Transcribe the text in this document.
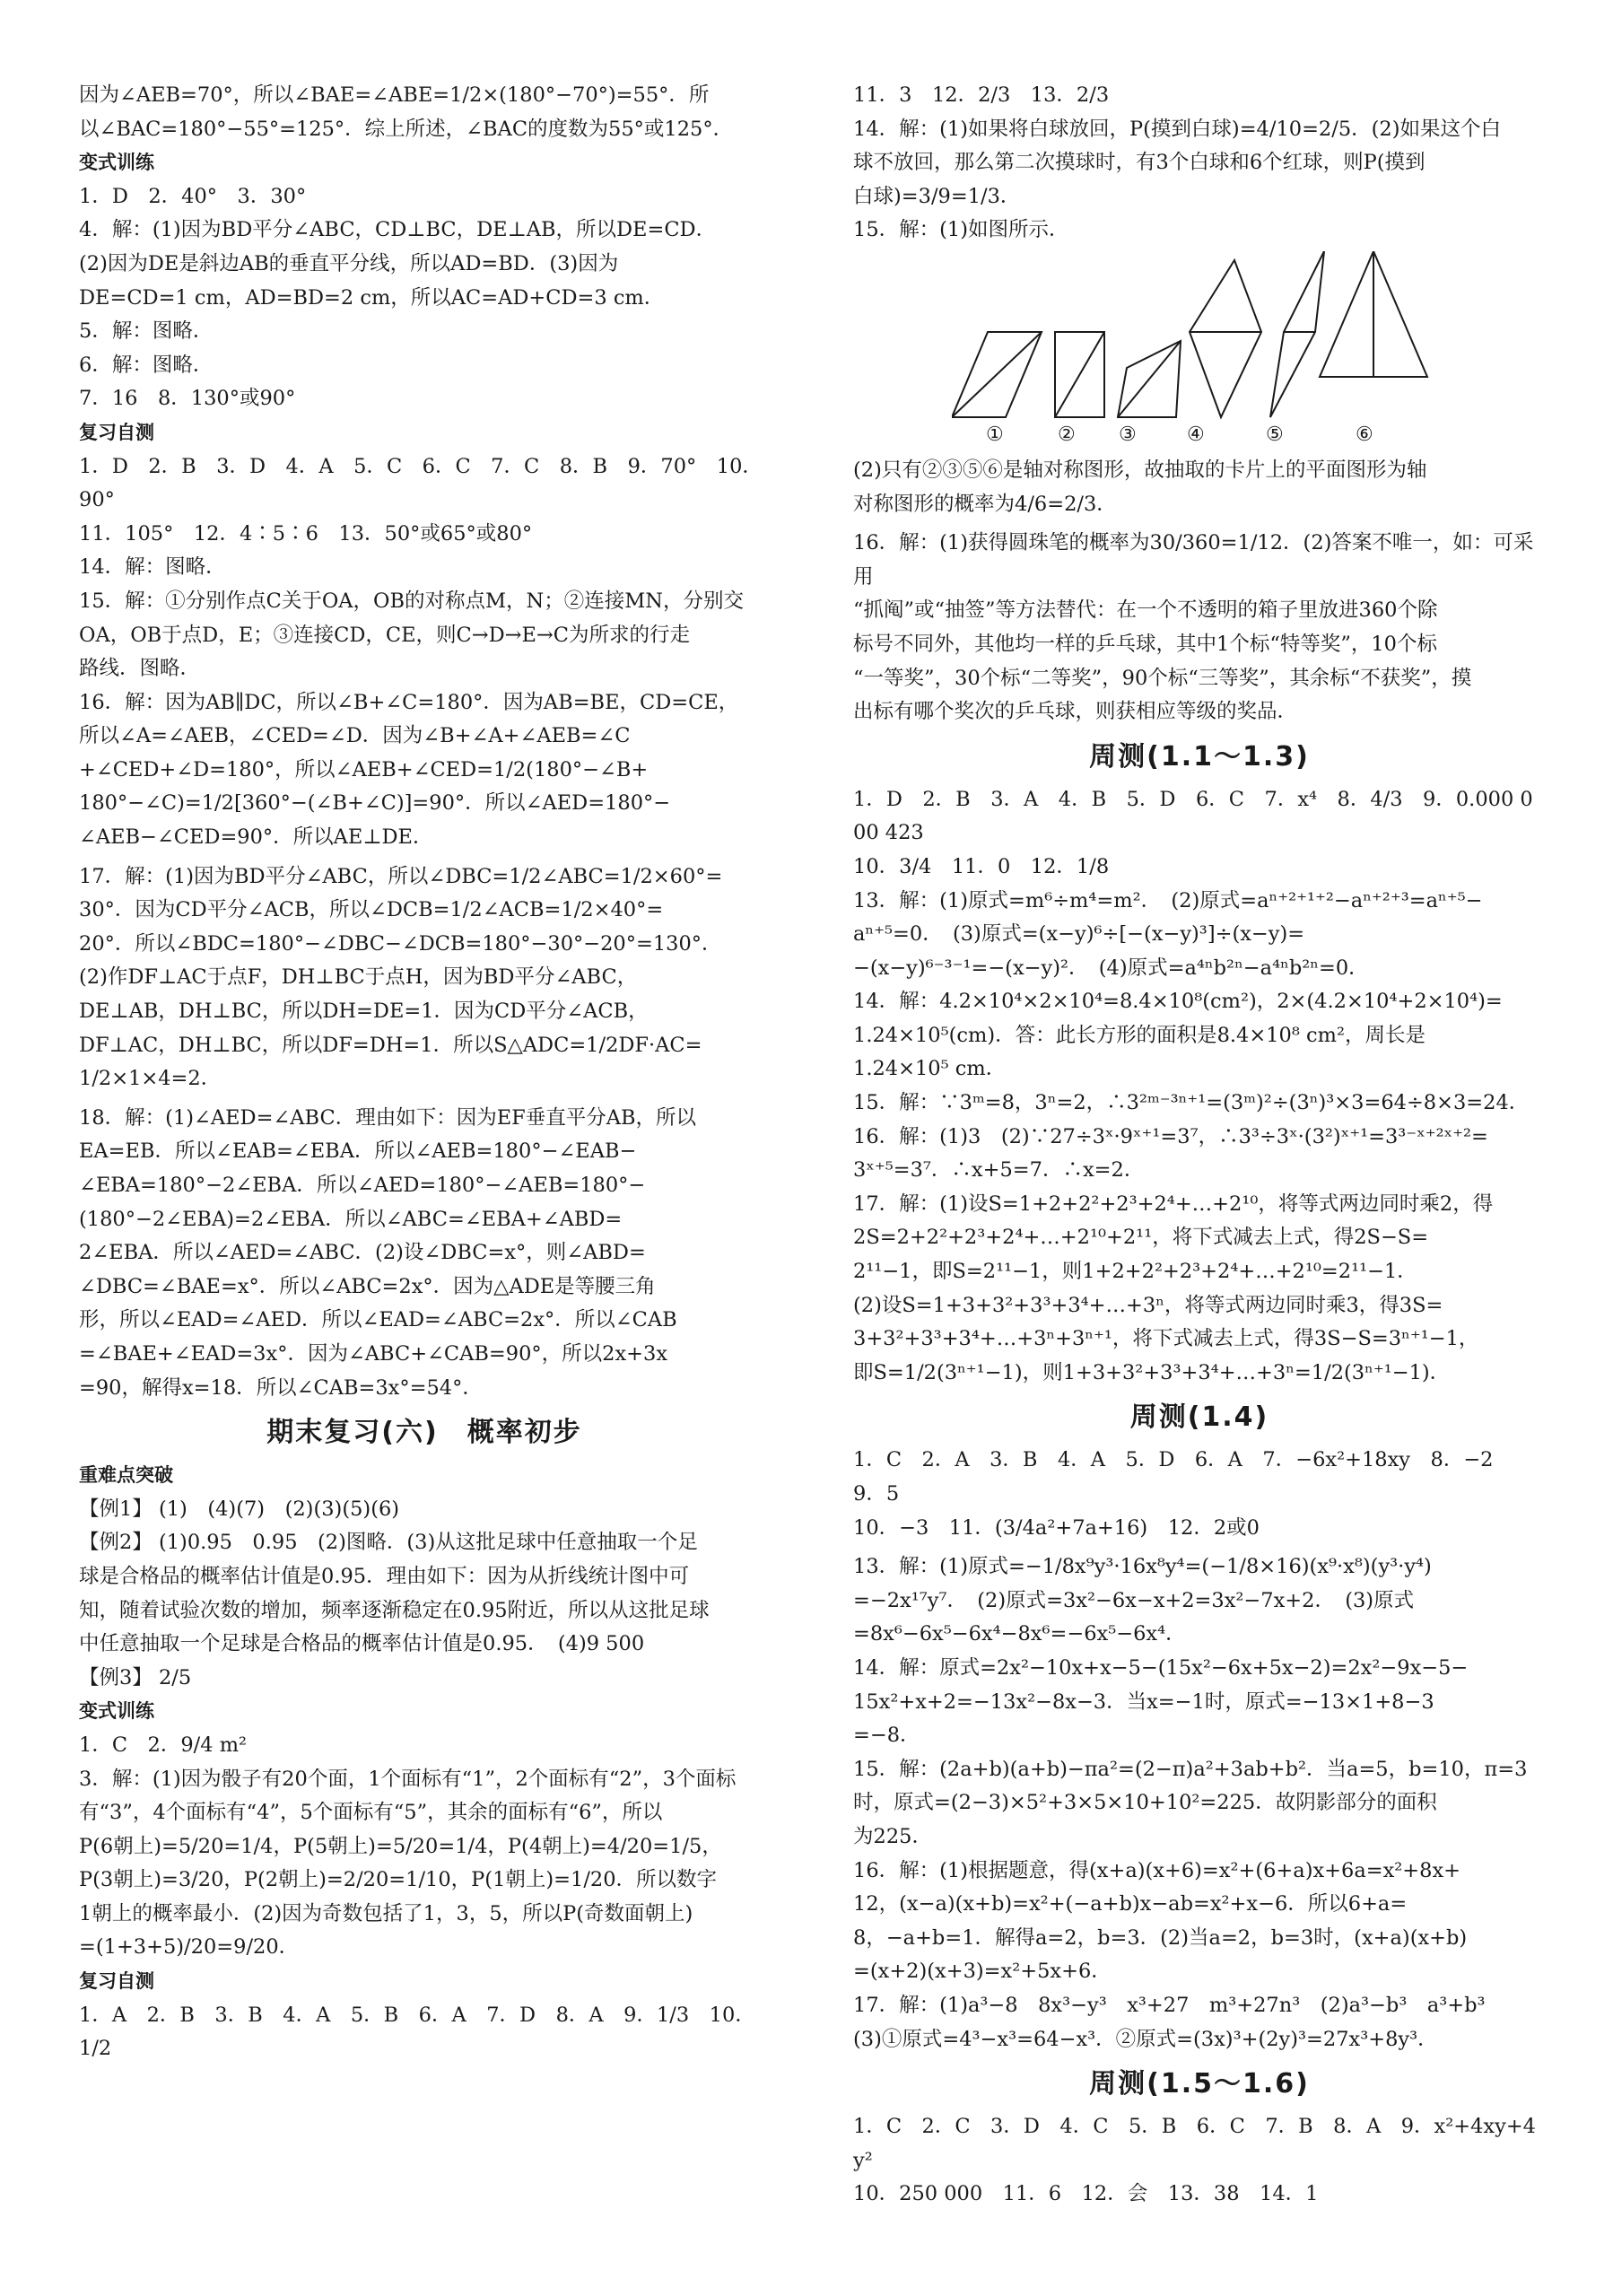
因为∠AEB=70°，所以∠BAE=∠ABE=1/2×(180°−70°)=55°．所
以∠BAC=180°−55°=125°．综上所述，∠BAC的度数为55°或125°．
变式训练
1．D　2．40°　3．30°
4．解：(1)因为BD平分∠ABC，CD⊥BC，DE⊥AB，所以DE=CD．
(2)因为DE是斜边AB的垂直平分线，所以AD=BD．(3)因为
DE=CD=1 cm，AD=BD=2 cm，所以AC=AD+CD=3 cm．
5．解：图略．
6．解：图略．
7．16　8．130°或90°
复习自测
1．D　2．B　3．D　4．A　5．C　6．C　7．C　8．B　9．70°　10．90°
11．105°　12．4∶5∶6　13．50°或65°或80°
14．解：图略．
15．解：①分别作点C关于OA，OB的对称点M，N；②连接MN，分别交
OA，OB于点D，E；③连接CD，CE，则C→D→E→C为所求的行走
路线．图略．
16．解：因为AB∥DC，所以∠B+∠C=180°．因为AB=BE，CD=CE，
所以∠A=∠AEB，∠CED=∠D．因为∠B+∠A+∠AEB=∠C
+∠CED+∠D=180°，所以∠AEB+∠CED=1/2(180°−∠B+
180°−∠C)=1/2[360°−(∠B+∠C)]=90°．所以∠AED=180°−
∠AEB−∠CED=90°．所以AE⊥DE．
17．解：(1)因为BD平分∠ABC，所以∠DBC=1/2∠ABC=1/2×60°=
30°．因为CD平分∠ACB，所以∠DCB=1/2∠ACB=1/2×40°=
20°．所以∠BDC=180°−∠DBC−∠DCB=180°−30°−20°=130°．
(2)作DF⊥AC于点F，DH⊥BC于点H，因为BD平分∠ABC，
DE⊥AB，DH⊥BC，所以DH=DE=1．因为CD平分∠ACB，
DF⊥AC，DH⊥BC，所以DF=DH=1．所以S△ADC=1/2DF·AC=
1/2×1×4=2．
18．解：(1)∠AED=∠ABC．理由如下：因为EF垂直平分AB，所以
EA=EB．所以∠EAB=∠EBA．所以∠AEB=180°−∠EAB−
∠EBA=180°−2∠EBA．所以∠AED=180°−∠AEB=180°−
(180°−2∠EBA)=2∠EBA．所以∠ABC=∠EBA+∠ABD=
2∠EBA．所以∠AED=∠ABC．(2)设∠DBC=x°，则∠ABD=
∠DBC=∠BAE=x°．所以∠ABC=2x°．因为△ADE是等腰三角
形，所以∠EAD=∠AED．所以∠EAD=∠ABC=2x°．所以∠CAB
=∠BAE+∠EAD=3x°．因为∠ABC+∠CAB=90°，所以2x+3x
=90，解得x=18．所以∠CAB=3x°=54°．
期末复习(六)　概率初步
重难点突破
【例1】 (1)　(4)(7)　(2)(3)(5)(6)
【例2】 (1)0.95　0.95　(2)图略．(3)从这批足球中任意抽取一个足
球是合格品的概率估计值是0.95．理由如下：因为从折线统计图中可
知，随着试验次数的增加，频率逐渐稳定在0.95附近，所以从这批足球
中任意抽取一个足球是合格品的概率估计值是0.95．　(4)9 500
【例3】 2/5
变式训练
1．C　2．9/4 m²
3．解：(1)因为骰子有20个面，1个面标有“1”，2个面标有“2”，3个面标
有“3”，4个面标有“4”，5个面标有“5”，其余的面标有“6”，所以
P(6朝上)=5/20=1/4，P(5朝上)=5/20=1/4，P(4朝上)=4/20=1/5，
P(3朝上)=3/20，P(2朝上)=2/20=1/10，P(1朝上)=1/20．所以数字
1朝上的概率最小．(2)因为奇数包括了1，3，5，所以P(奇数面朝上)
=(1+3+5)/20=9/20．
复习自测
1．A　2．B　3．B　4．A　5．B　6．A　7．D　8．A　9．1/3　10．1/2
11．3　12．2/3　13．2/3
14．解：(1)如果将白球放回，P(摸到白球)=4/10=2/5．(2)如果这个白
球不放回，那么第二次摸球时，有3个白球和6个红球，则P(摸到
白球)=3/9=1/3．
15．解：(1)如图所示．
①	② ③	④	⑤	⑥
(2)只有②③⑤⑥是轴对称图形，故抽取的卡片上的平面图形为轴
对称图形的概率为4/6=2/3．
16．解：(1)获得圆珠笔的概率为30/360=1/12．(2)答案不唯一，如：可采用
“抓阄”或“抽签”等方法替代：在一个不透明的箱子里放进360个除
标号不同外，其他均一样的乒乓球，其中1个标“特等奖”，10个标
“一等奖”，30个标“二等奖”，90个标“三等奖”，其余标“不获奖”，摸
出标有哪个奖次的乒乓球，则获相应等级的奖品．
周测(1.1～1.3)
1．D　2．B　3．A　4．B　5．D　6．C　7．x⁴　8．4/3　9．0.000 000 423
10．3/4　11．0　12．1/8
13．解：(1)原式=m⁶÷m⁴=m²．　(2)原式=aⁿ⁺²⁺¹⁺²−aⁿ⁺²⁺³=aⁿ⁺⁵−
aⁿ⁺⁵=0．　(3)原式=(x−y)⁶÷[−(x−y)³]÷(x−y)=
−(x−y)⁶⁻³⁻¹=−(x−y)²．　(4)原式=a⁴ⁿb²ⁿ−a⁴ⁿb²ⁿ=0．
14．解：4.2×10⁴×2×10⁴=8.4×10⁸(cm²)，2×(4.2×10⁴+2×10⁴)=
1.24×10⁵(cm)．答：此长方形的面积是8.4×10⁸ cm²，周长是
1.24×10⁵ cm．
15．解：∵3ᵐ=8，3ⁿ=2，∴3²ᵐ⁻³ⁿ⁺¹=(3ᵐ)²÷(3ⁿ)³×3=64÷8×3=24．
16．解：(1)3　(2)∵27÷3ˣ·9ˣ⁺¹=3⁷，∴3³÷3ˣ·(3²)ˣ⁺¹=3³⁻ˣ⁺²ˣ⁺²=
3ˣ⁺⁵=3⁷．∴x+5=7．∴x=2．
17．解：(1)设S=1+2+2²+2³+2⁴+…+2¹⁰，将等式两边同时乘2，得
2S=2+2²+2³+2⁴+…+2¹⁰+2¹¹，将下式减去上式，得2S−S=
2¹¹−1，即S=2¹¹−1，则1+2+2²+2³+2⁴+…+2¹⁰=2¹¹−1．
(2)设S=1+3+3²+3³+3⁴+…+3ⁿ，将等式两边同时乘3，得3S=
3+3²+3³+3⁴+…+3ⁿ+3ⁿ⁺¹，将下式减去上式，得3S−S=3ⁿ⁺¹−1，
即S=1/2(3ⁿ⁺¹−1)，则1+3+3²+3³+3⁴+…+3ⁿ=1/2(3ⁿ⁺¹−1)．
周测(1.4)
1．C　2．A　3．B　4．A　5．D　6．A　7．−6x²+18xy　8．−2　9．5
10．−3　11．(3/4a²+7a+16)　12．2或0
13．解：(1)原式=−1/8x⁹y³·16x⁸y⁴=(−1/8×16)(x⁹·x⁸)(y³·y⁴)
=−2x¹⁷y⁷．　(2)原式=3x²−6x−x+2=3x²−7x+2．　(3)原式
=8x⁶−6x⁵−6x⁴−8x⁶=−6x⁵−6x⁴．
14．解：原式=2x²−10x+x−5−(15x²−6x+5x−2)=2x²−9x−5−
15x²+x+2=−13x²−8x−3．当x=−1时，原式=−13×1+8−3
=−8．
15．解：(2a+b)(a+b)−πa²=(2−π)a²+3ab+b²．当a=5，b=10，π=3
时，原式=(2−3)×5²+3×5×10+10²=225．故阴影部分的面积
为225．
16．解：(1)根据题意，得(x+a)(x+6)=x²+(6+a)x+6a=x²+8x+
12，(x−a)(x+b)=x²+(−a+b)x−ab=x²+x−6．所以6+a=
8，−a+b=1．解得a=2，b=3．(2)当a=2，b=3时，(x+a)(x+b)
=(x+2)(x+3)=x²+5x+6．
17．解：(1)a³−8　8x³−y³　x³+27　m³+27n³　(2)a³−b³　a³+b³
(3)①原式=4³−x³=64−x³．②原式=(3x)³+(2y)³=27x³+8y³．
周测(1.5～1.6)
1．C　2．C　3．D　4．C　5．B　6．C　7．B　8．A　9．x²+4xy+4y²
10．250 000　11．6　12．会　13．38　14．1
